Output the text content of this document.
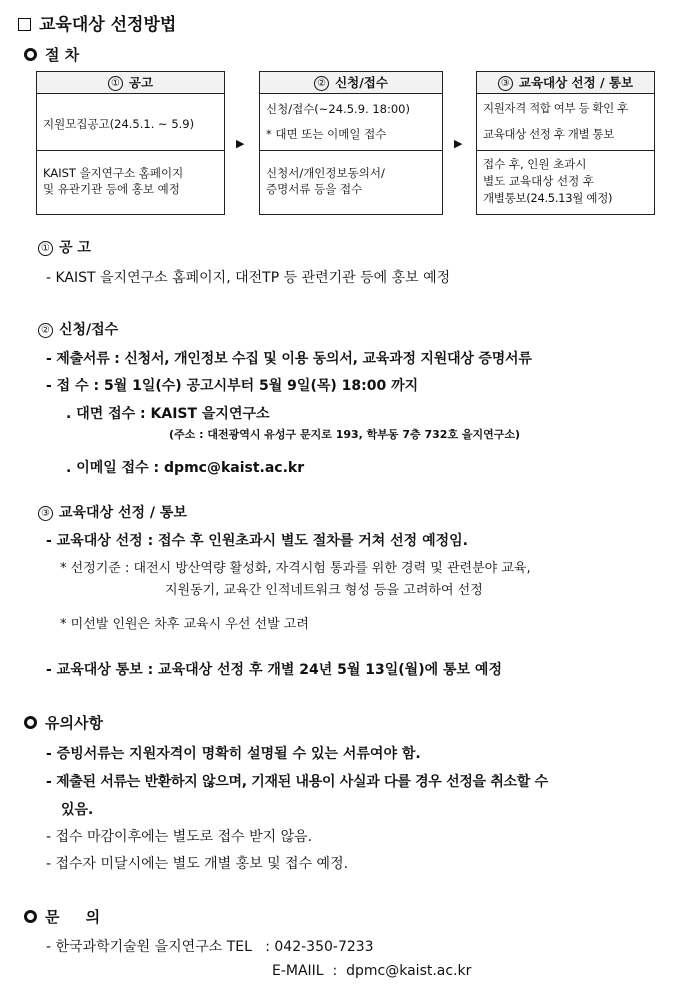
교육대상 선정방법
절 차
① 공고
지원모집공고(24.5.1. ~ 5.9)
KAIST 을지연구소 홈페이지
및 유관기관 등에 홍보 예정
▶
② 신청/접수
신청/접수(~24.5.9. 18:00)
* 대면 또는 이메일 접수
신청서/개인정보동의서/
증명서류 등을 접수
▶
③ 교육대상 선정 / 통보
지원자격 적합 여부 등 확인 후
교육대상 선정 후 개별 통보
접수 후, 인원 초과시
별도 교육대상 선정 후
개별통보(24.5.13월 예정)
① 공 고
- KAIST 을지연구소 홈페이지, 대전TP 등 관련기관 등에 홍보 예정
② 신청/접수
- 제출서류 : 신청서, 개인정보 수집 및 이용 동의서, 교육과정 지원대상 증명서류
- 접 수 : 5월 1일(수) 공고시부터 5월 9일(목) 18:00 까지
. 대면 접수 : KAIST 을지연구소
(주소 : 대전광역시 유성구 문지로 193, 학부동 7층 732호 을지연구소)
. 이메일 접수 : dpmc@kaist.ac.kr
③ 교육대상 선정 / 통보
- 교육대상 선정 : 접수 후 인원초과시 별도 절차를 거쳐 선정 예정임.
* 선정기준 : 대전시 방산역량 활성화, 자격시험 통과를 위한 경력 및 관련분야 교육,
지원동기, 교육간 인적네트워크 형성 등을 고려하여 선정
* 미선발 인원은 차후 교육시 우선 선발 고려
- 교육대상 통보 : 교육대상 선정 후 개별 24년 5월 13일(월)에 통보 예정
유의사항
- 증빙서류는 지원자격이 명확히 설명될 수 있는 서류여야 함.
- 제출된 서류는 반환하지 않으며, 기재된 내용이 사실과 다를 경우 선정을 취소할 수
있음.
- 접수 마감이후에는 별도로 접수 받지 않음.
- 접수자 미달시에는 별도 개별 홍보 및 접수 예정.
문     의
- 한국과학기술원 을지연구소 TEL   : 042-350-7233
E-MAIIL  :  dpmc@kaist.ac.kr
